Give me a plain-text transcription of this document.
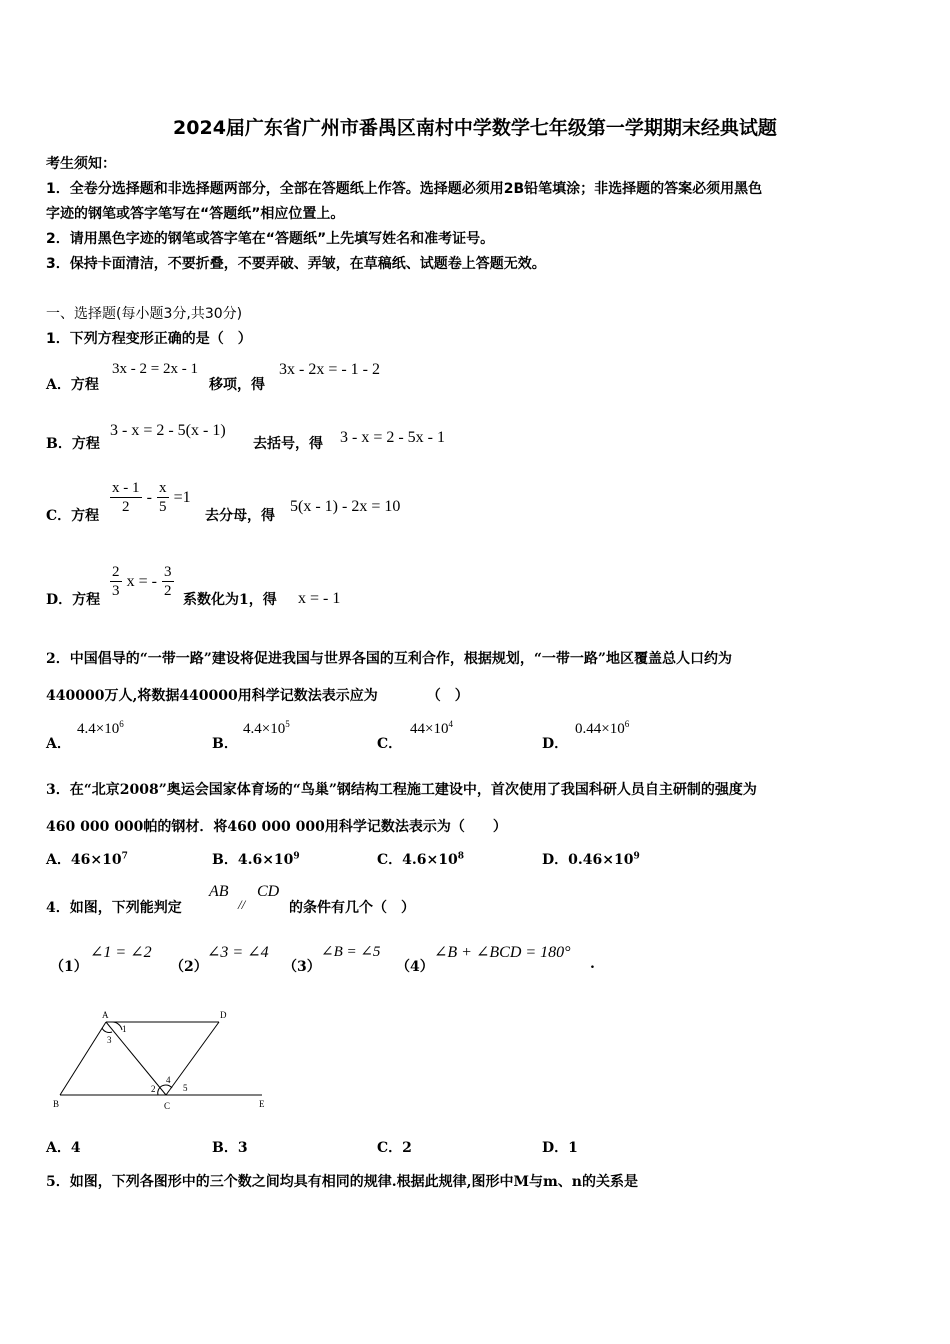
2024届广东省广州市番禺区南村中学数学七年级第一学期期末经典试题
考生须知：
1．全卷分选择题和非选择题两部分，全部在答题纸上作答。选择题必须用2B铅笔填涂；非选择题的答案必须用黑色
字迹的钢笔或答字笔写在“答题纸”相应位置上。
2．请用黑色字迹的钢笔或答字笔在“答题纸”上先填写姓名和准考证号。
3．保持卡面清洁，不要折叠，不要弄破、弄皱，在草稿纸、试题卷上答题无效。
一、选择题(每小题3分,共30分)
1．下列方程变形正确的是（　）
A．方程
3x - 2 = 2x - 1
移项，得
3x - 2x = - 1 - 2
B．方程
3 - x = 2 - 5(x - 1)
去括号，得 3 - x = 2 - 5x - 1
C．方程 $\frac{x - 1}{2} - \frac{x}{5} =1$
去分母，得
5(x - 1) - 2x = 10
D．方程 $\frac{2}{3}$ x = - $\frac{3}{2}$ 系数化为1，得 x = - 1
2．中国倡导的“一带一路”建设将促进我国与世界各国的互利合作，根据规划，“一带一路”地区覆盖总人口约为
440000万人,将数据440000用科学记数法表示应为　　　　（　）
A．
$4.4\times 10^6$
B．
$4.4\times 10^5$
C．
$44\times 10^4$
D．
$0.44\times 10^6$
3．在“北京2008”奥运会国家体育场的“鸟巢”钢结构工程施工建设中，首次使用了我国科研人员自主研制的强度为
460 000 000帕的钢材．将460 000 000用科学记数法表示为（　　）
A．$46\times 10^7$	B．$4.6\times 10^9$	C．$4.6\times 10^8$	D．$0.46\times 10^9$
4．如图，下列能判定
AB
//
CD
的条件有几个（　）
（1）
∠1 = ∠2
（2）
∠3 = ∠4
（3）
∠B = ∠5
（4）
∠B + ∠BCD = 180°
.
A	D
B	C	E
1
3
2
4
5
A．4	B．3	C．2	D．1
5．如图，下列各图形中的三个数之间均具有相同的规律.根据此规律,图形中M与m、n的关系是
